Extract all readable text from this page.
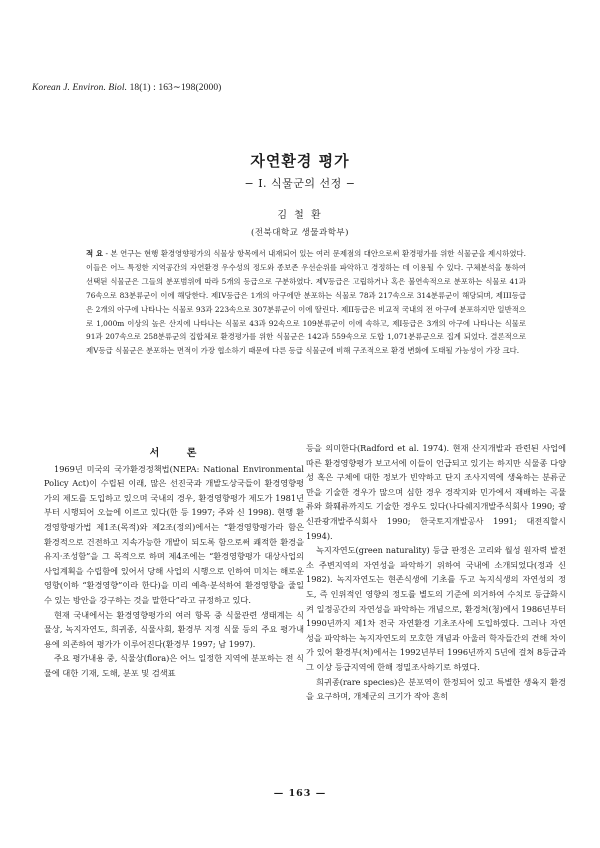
Korean J. Environ. Biol. 18(1) : 163∼198(2000)
자연환경 평가
− I. 식물군의 선정 −
김 철 환
(전북대학교 생물과학부)
적 요 - 본 연구는 현행 환경영향평가의 식물상 항목에서 내재되어 있는 여러 문제점의 대안으로써 환경평가를 위한 식물군을 제시하였다. 이들은 어느 특정한 지역공간의 자연환경 우수성의 정도와 종보존 우선순위를 파악하고 경정하는 데 이용될 수 있다. 구체분석을 통하여 선택된 식물군은 그들의 분포범위에 따라 5개의 등급으로 구분하였다. 제V등급은 고립하거나 혹은 불연속적으로 분포하는 식물로 41과 76속으로 83분류군이 이에 해당한다. 제IV등급은 1개의 아구에만 분포하는 식물로 78과 217속으로 314분류군이 해당되며, 제III등급은 2개의 아구에 나타나는 식물로 93과 223속으로 307분류군이 이에 딸린다. 제II등급은 비교적 국내의 전 아구에 분포하지만 일반적으로 1,000m 이상의 높은 산지에 나타나는 식물로 43과 92속으로 109분류군이 이에 속하고, 제I등급은 3개의 아구에 나타나는 식물로 91과 207속으로 258분류군의 집합체로 환경평가를 위한 식물군은 142과 559속으로 도합 1,071분류군으로 집계 되었다. 결론적으로 제V등급 식물군은 분포하는 면적이 가장 협소하기 때문에 다른 등급 식물군에 비해 구조적으로 환경 변화에 도태될 가능성이 가장 크다.

서 론

1969년 미국의 국가환경정책법(NEPA: National Environmental Policy Act)이 수립된 이래, 많은 선진국과 개발도상국들이 환경영향평가의 제도를 도입하고 있으며 국내의 경우, 환경영향평가 제도가 1981년부터 시행되어 오늘에 이르고 있다(한 등 1997; 주와 신 1998). 현행 환경영향평가법 제1조(목적)와 제2조(정의)에서는 “환경영향평가라 함은 환경적으로 건전하고 지속가능한 개발이 되도록 함으로써 쾌적한 환경을 유지·조성함”을 그 목적으로 하며 제4조에는 “환경영향평가 대상사업의 사업계획을 수립함에 있어서 당해 사업의 시행으로 인하여 미치는 해로운 영향(이하 “환경영향”이라 한다)을 미리 예측·분석하여 환경영향을 줄일 수 있는 방안을 강구하는 것을 말한다”라고 규정하고 있다.

현재 국내에서는 환경영향평가의 여러 항목 중 식물관련 생태계는 식물상, 녹지자연도, 희귀종, 식물사회, 환경부 지정 식물 등의 주요 평가내용에 의존하여 평가가 이루어진다(환경부 1997; 남 1997).

주요 평가내용 중, 식물상(flora)은 어느 일정한 지역에 분포하는 전 식물에 대한 기재, 도해, 분포 및 검색표

등을 의미한다(Radford et al. 1974). 현재 산지개발과 관련된 사업에 따른 환경영향평가 보고서에 이들이 언급되고 있기는 하지만 식물종 다양성 혹은 구체에 대한 정보가 빈약하고 단지 조사지역에 생육하는 분류군만을 기술한 경우가 많으며 심한 경우 경작지와 민가에서 재배하는 곡물류와 화훼류까지도 기술한 경우도 있다(나다쉐지개발주식회사 1990; 광신관광개발주식회사 1990; 한국토지개발공사 1991; 대전직할시 1994).

녹지자연도(green naturality) 등급 판정은 고리와 월성 원자력 발전소 주변지역의 자연성을 파악하기 위하여 국내에 소개되었다(정과 신 1982). 녹지자연도는 현존식생에 기초를 두고 녹지식생의 자연성의 정도, 즉 인위적인 영향의 정도를 별도의 기준에 의거하여 수치로 등급화시켜 일정공간의 자연성을 파악하는 개념으로, 환경처(청)에서 1986년부터 1990년까지 제1차 전국 자연환경 기초조사에 도입하였다. 그러나 자연성을 파악하는 녹지자연도의 모호한 개념과 아울러 학자들간의 견해 차이가 있어 환경부(처)에서는 1992년부터 1996년까지 5년에 걸쳐 8등급과 그 이상 등급지역에 한해 정밀조사하기로 하였다.

희귀종(rare species)은 분포역이 한정되어 있고 특별한 생육지 환경을 요구하며, 개체군의 크기가 작아 흔히

— 163 —
